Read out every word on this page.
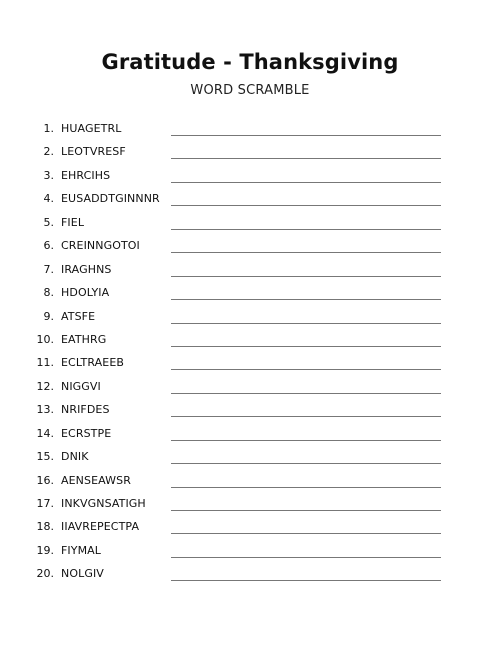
Gratitude - Thanksgiving
WORD SCRAMBLE
1. HUAGETRL
2. LEOTVRESF
3. EHRCIHS
4. EUSADDTGINNNR
5. FIEL
6. CREINNGOTOI
7. IRAGHNS
8. HDOLYIA
9. ATSFE
10. EATHRG
11. ECLTRAEEB
12. NIGGVI
13. NRIFDES
14. ECRSTPE
15. DNIK
16. AENSEAWSR
17. INKVGNSATIGH
18. IIAVREPECTPA
19. FIYMAL
20. NOLGIV
